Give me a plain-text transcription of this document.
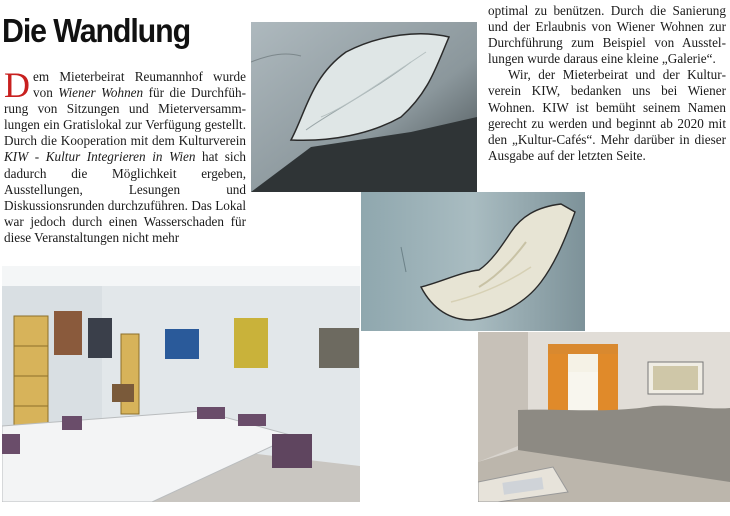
Die Wandlung

Dem Mieterbeirat Reumannhof wurde von Wiener Wohnen für die Durchführung von Sitzungen und Mieterversammlungen ein Gratislokal zur Verfügung gestellt. Durch die Kooperation mit dem Kulturverein KIW - Kultur Integrieren in Wien hat sich dadurch die Möglichkeit ergeben, Ausstellungen, Lesungen und Diskussionsrunden durchzuführen. Das Lokal war jedoch durch einen Wasserschaden für diese Veranstaltungen nicht mehr

optimal zu benützen. Durch die Sanierung und der Erlaubnis von Wiener Wohnen zur Durchführung zum Beispiel von Ausstellungen wurde daraus eine kleine „Galerie“.

Wir, der Mieterbeirat und der Kulturverein KIW, bedanken uns bei Wiener Wohnen. KIW ist bemüht seinem Namen gerecht zu werden und beginnt ab 2020 mit den „Kultur-Cafés“. Mehr darüber in dieser Ausgabe auf der letzten Seite.
